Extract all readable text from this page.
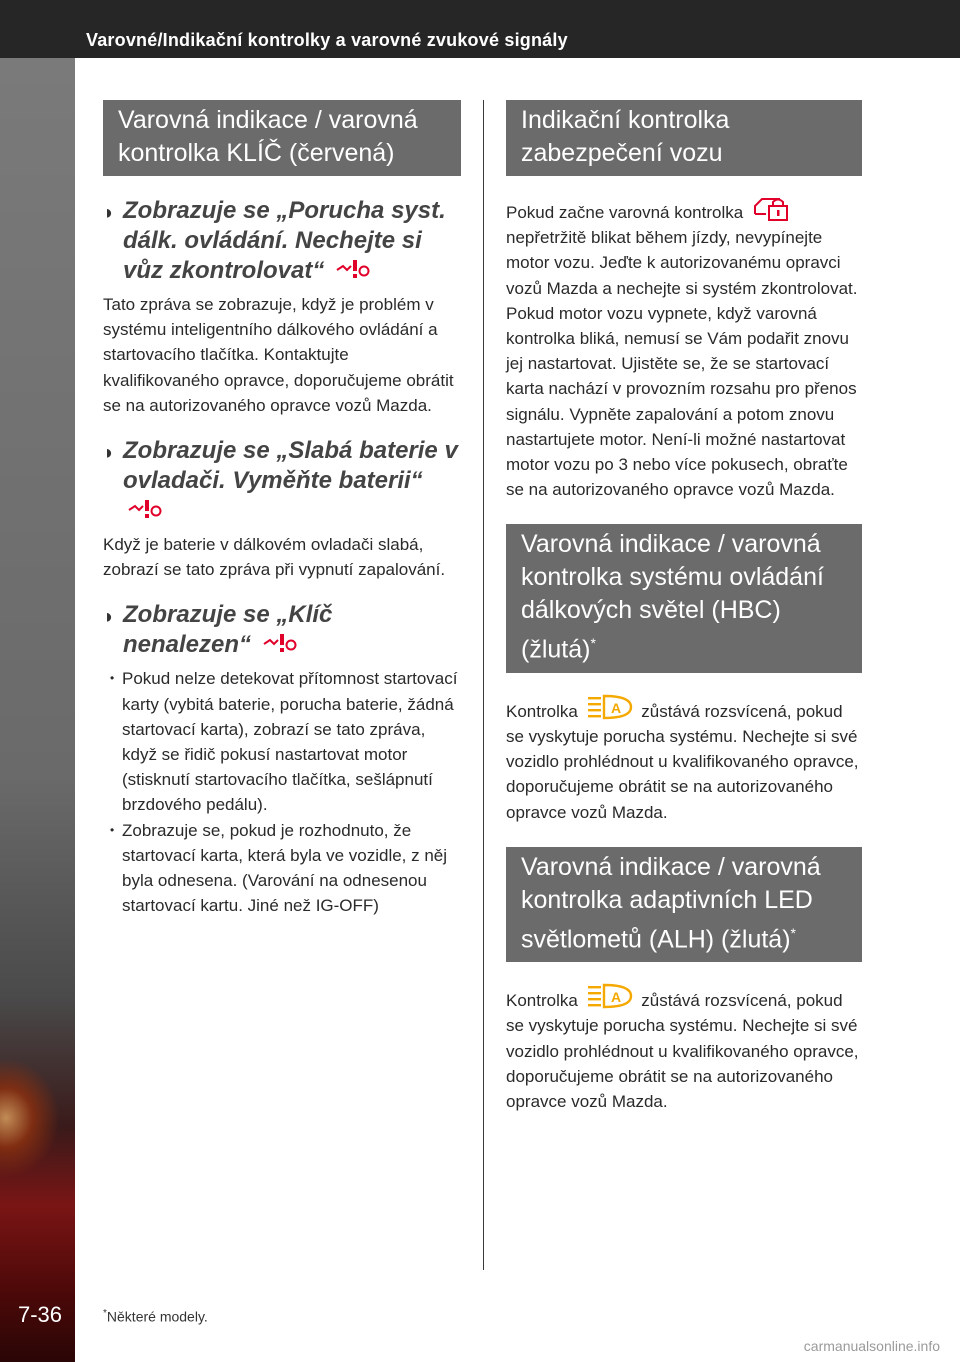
Varovné/Indikační kontrolky a varovné zvukové signály
7-36
Varovná indikace / varovná kontrolka KLÍČ (červená)
◗ Zobrazuje se „Porucha syst. dálk. ovládání. Nechejte si vůz zkontrolovat“

Tato zpráva se zobrazuje, když je problém v systému inteligentního dálkového ovládání a startovacího tlačítka. Kontaktujte kvalifikovaného opravce, doporučujeme obrátit se na autorizovaného opravce vozů Mazda.

◗ Zobrazuje se „Slabá baterie v ovladači. Vyměňte baterii“

Když je baterie v dálkovém ovladači slabá, zobrazí se tato zpráva při vypnutí zapalování.

◗ Zobrazuje se „Klíč nenalezen“

• Pokud nelze detekovat přítomnost startovací karty (vybitá baterie, porucha baterie, žádná startovací karta), zobrazí se tato zpráva, když se řidič pokusí nastartovat motor (stisknutí startovacího tlačítka, sešlápnutí brzdového pedálu).

• Zobrazuje se, pokud je rozhodnuto, že startovací karta, která byla ve vozidle, z něj byla odnesena. (Varování na odnesenou startovací kartu. Jiné než IG-OFF)

Indikační kontrolka zabezpečení vozu

Pokud začne varovná kontrolka  nepřetržitě blikat během jízdy, nevypínejte motor vozu. Jeďte k autorizovanému opravci vozů Mazda a nechejte si systém zkontrolovat. Pokud motor vozu vypnete, když varovná kontrolka bliká, nemusí se Vám podařit znovu jej nastartovat. Ujistěte se, že se startovací karta nachází v provozním rozsahu pro přenos signálu. Vypněte zapalování a potom znovu nastartujete motor. Není-li možné nastartovat motor vozu po 3 nebo více pokusech, obraťte se na autorizovaného opravce vozů Mazda.

Varovná indikace / varovná kontrolka systému ovládání dálkových světel (HBC) (žlutá)*

Kontrolka A zůstává rozsvícená, pokud se vyskytuje porucha systému. Nechejte si své vozidlo prohlédnout u kvalifikovaného opravce, doporučujeme obrátit se na autorizovaného opravce vozů Mazda.

Varovná indikace / varovná kontrolka adaptivních LED světlometů (ALH) (žlutá)*

Kontrolka A zůstává rozsvícená, pokud se vyskytuje porucha systému. Nechejte si své vozidlo prohlédnout u kvalifikovaného opravce, doporučujeme obrátit se na autorizovaného opravce vozů Mazda.

*Některé modely.
carmanualsonline.info
